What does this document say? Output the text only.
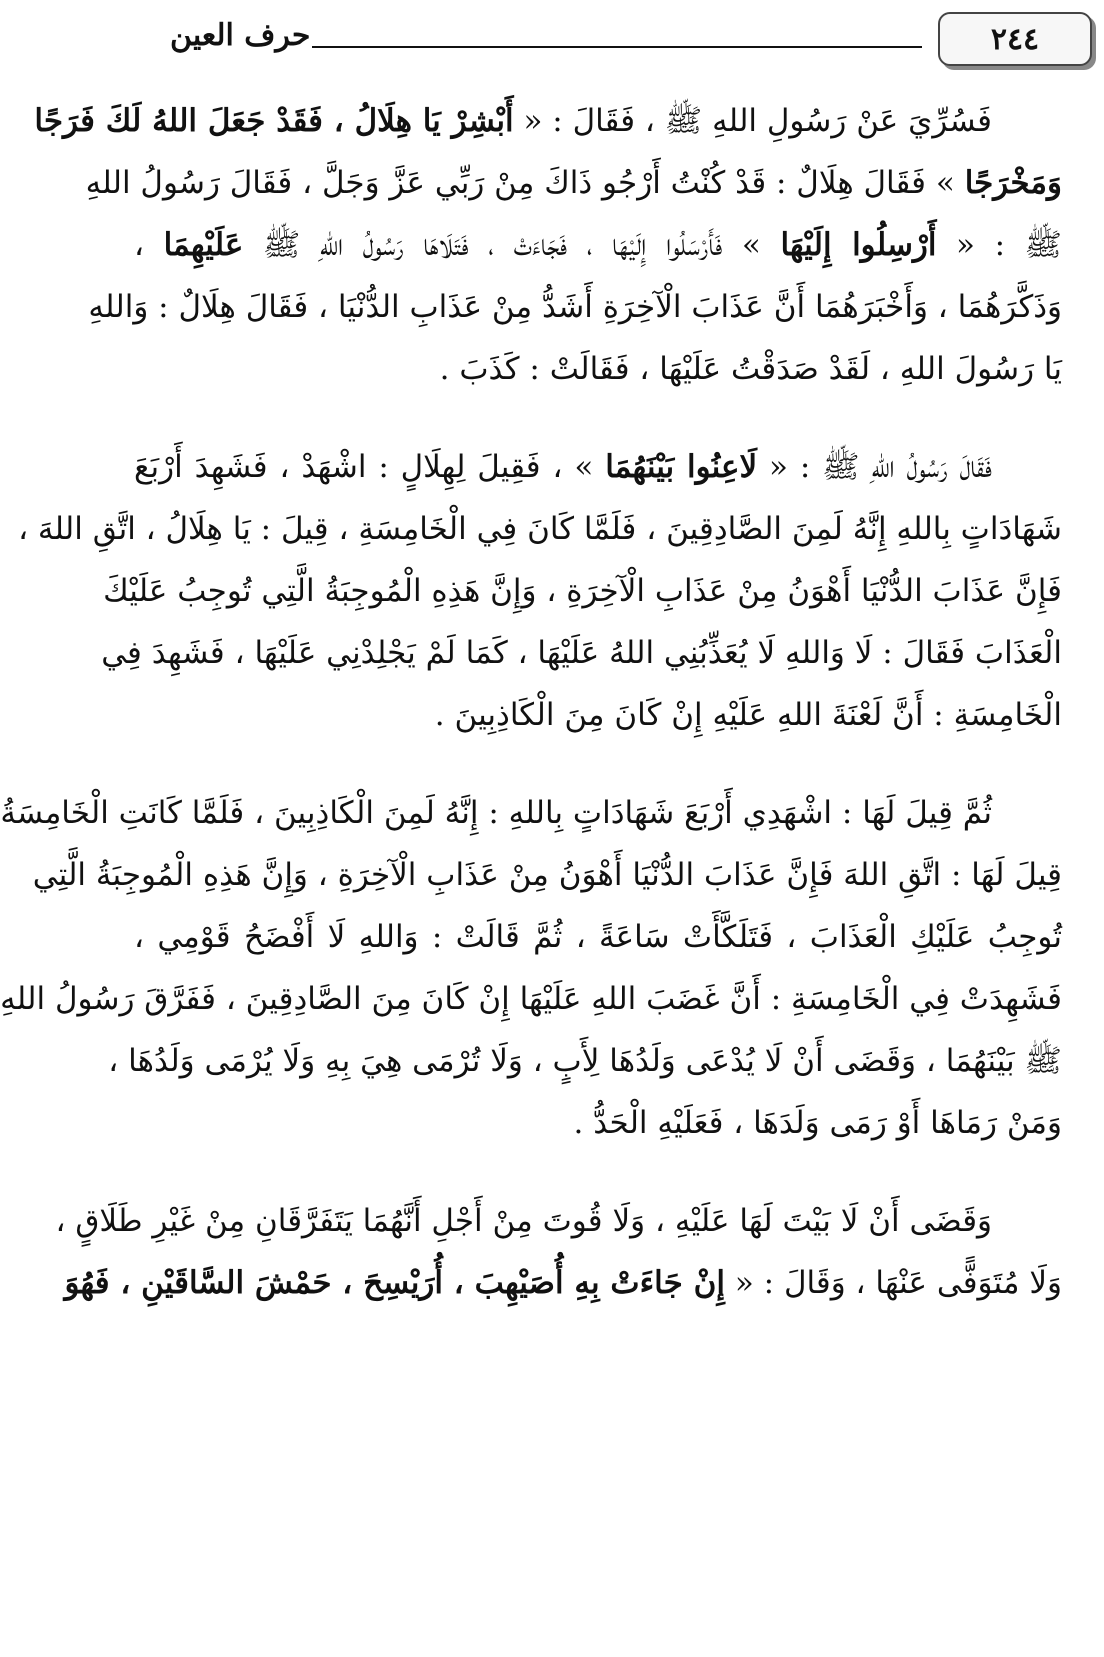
٢٤٤
حرف العين
فَسُرِّيَ عَنْ رَسُولِ اللهِ ﷺ ، فَقَالَ : « أَبْشِرْ يَا هِلَالُ ، فَقَدْ جَعَلَ اللهُ لَكَ فَرَجًا
وَمَخْرَجًا » فَقَالَ هِلَالٌ : قَدْ كُنْتُ أَرْجُو ذَاكَ مِنْ رَبِّي عَزَّ وَجَلَّ ، فَقَالَ رَسُولُ اللهِ
ﷺ : « أَرْسِلُوا إِلَيْهَا » فَأَرْسَلُوا إِلَيْهَا ، فَجَاءَتْ ، فَتَلَاهَا رَسُولُ اللهِ ﷺ عَلَيْهِمَا ،
وَذَكَّرَهُمَا ، وَأَخْبَرَهُمَا أَنَّ عَذَابَ الْآخِرَةِ أَشَدُّ مِنْ عَذَابِ الدُّنْيَا ، فَقَالَ هِلَالٌ : وَاللهِ
يَا رَسُولَ اللهِ ، لَقَدْ صَدَقْتُ عَلَيْهَا ، فَقَالَتْ : كَذَبَ .
فَقَالَ رَسُولُ اللهِ ﷺ : « لَاعِنُوا بَيْنَهُمَا » ، فَقِيلَ لِهِلَالٍ : اشْهَدْ ، فَشَهِدَ أَرْبَعَ
شَهَادَاتٍ بِاللهِ إِنَّهُ لَمِنَ الصَّادِقِينَ ، فَلَمَّا كَانَ فِي الْخَامِسَةِ ، قِيلَ : يَا هِلَالُ ، اتَّقِ اللهَ ،
فَإِنَّ عَذَابَ الدُّنْيَا أَهْوَنُ مِنْ عَذَابِ الْآخِرَةِ ، وَإِنَّ هَذِهِ الْمُوجِبَةُ الَّتِي تُوجِبُ عَلَيْكَ
الْعَذَابَ فَقَالَ : لَا وَاللهِ لَا يُعَذِّبُنِي اللهُ عَلَيْهَا ، كَمَا لَمْ يَجْلِدْنِي عَلَيْهَا ، فَشَهِدَ فِي
الْخَامِسَةِ : أَنَّ لَعْنَةَ اللهِ عَلَيْهِ إِنْ كَانَ مِنَ الْكَاذِبِينَ .
ثُمَّ قِيلَ لَهَا : اشْهَدِي أَرْبَعَ شَهَادَاتٍ بِاللهِ : إِنَّهُ لَمِنَ الْكَاذِبِينَ ، فَلَمَّا كَانَتِ الْخَامِسَةُ
قِيلَ لَهَا : اتَّقِ اللهَ فَإِنَّ عَذَابَ الدُّنْيَا أَهْوَنُ مِنْ عَذَابِ الْآخِرَةِ ، وَإِنَّ هَذِهِ الْمُوجِبَةُ الَّتِي
تُوجِبُ عَلَيْكِ الْعَذَابَ ، فَتَلَكَّأَتْ سَاعَةً ، ثُمَّ قَالَتْ : وَاللهِ لَا أَفْضَحُ قَوْمِي ،
فَشَهِدَتْ فِي الْخَامِسَةِ : أَنَّ غَضَبَ اللهِ عَلَيْهَا إِنْ كَانَ مِنَ الصَّادِقِينَ ، فَفَرَّقَ رَسُولُ اللهِ
ﷺ بَيْنَهُمَا ، وَقَضَى أَنْ لَا يُدْعَى وَلَدُهَا لِأَبٍ ، وَلَا تُرْمَى هِيَ بِهِ وَلَا يُرْمَى وَلَدُهَا ،
وَمَنْ رَمَاهَا أَوْ رَمَى وَلَدَهَا ، فَعَلَيْهِ الْحَدُّ .
وَقَضَى أَنْ لَا بَيْتَ لَهَا عَلَيْهِ ، وَلَا قُوتَ مِنْ أَجْلِ أَنَّهُمَا يَتَفَرَّقَانِ مِنْ غَيْرِ طَلَاقٍ ،
وَلَا مُتَوَفًّى عَنْهَا ، وَقَالَ : « إِنْ جَاءَتْ بِهِ أُصَيْهِبَ ، أُرَيْسِحَ ، حَمْشَ السَّاقَيْنِ ، فَهُوَ
